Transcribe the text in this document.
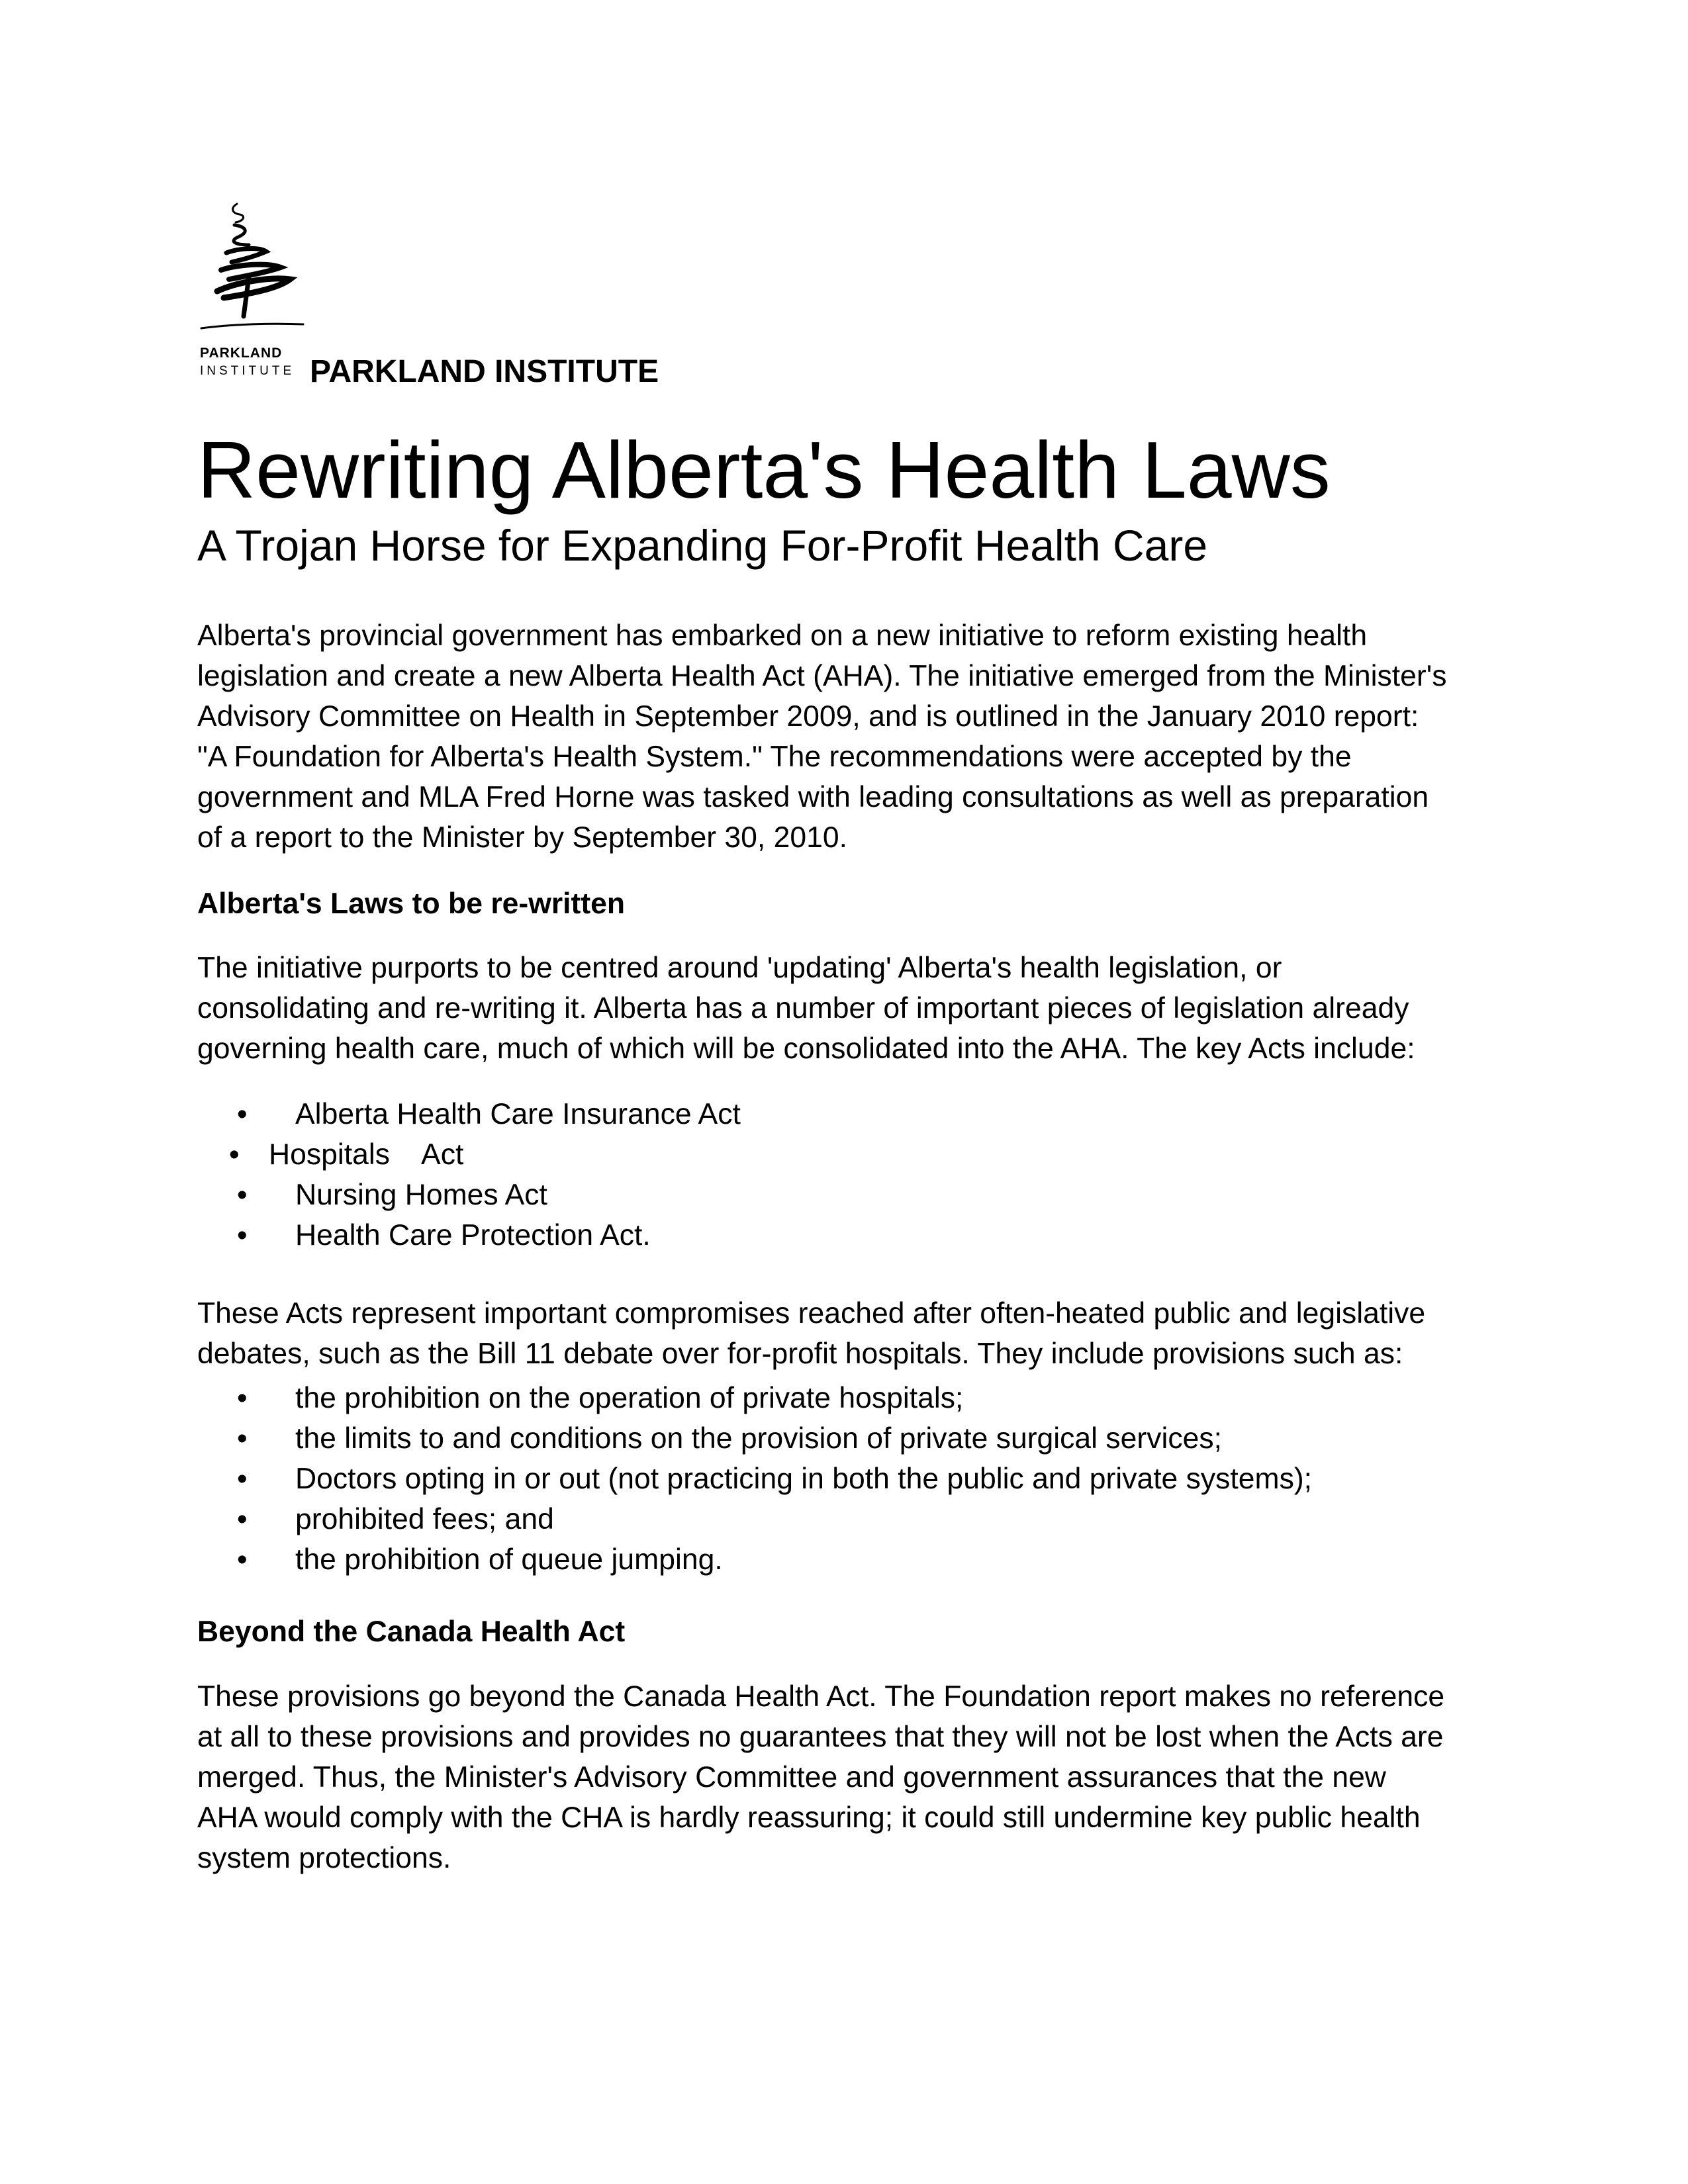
PARKLAND
INSTITUTE PARKLAND INSTITUTE
Rewriting Alberta's Health Laws
A Trojan Horse for Expanding For-Profit Health Care
Alberta's provincial government has embarked on a new initiative to reform existing health
legislation and create a new Alberta Health Act (AHA). The initiative emerged from the Minister's
Advisory Committee on Health in September 2009, and is outlined in the January 2010 report:
"A Foundation for Alberta's Health System." The recommendations were accepted by the
government and MLA Fred Horne was tasked with leading consultations as well as preparation
of a report to the Minister by September 30, 2010.
Alberta's Laws to be re-written
The initiative purports to be centred around 'updating' Alberta's health legislation, or
consolidating and re-writing it. Alberta has a number of important pieces of legislation already
governing health care, much of which will be consolidated into the AHA. The key Acts include:
• Alberta Health Care Insurance Act
• Hospitals    Act
• Nursing Homes Act
• Health Care Protection Act.
These Acts represent important compromises reached after often-heated public and legislative
debates, such as the Bill 11 debate over for-profit hospitals. They include provisions such as:
• the prohibition on the operation of private hospitals;
• the limits to and conditions on the provision of private surgical services;
• Doctors opting in or out (not practicing in both the public and private systems);
• prohibited fees; and
• the prohibition of queue jumping.
Beyond the Canada Health Act
These provisions go beyond the Canada Health Act. The Foundation report makes no reference
at all to these provisions and provides no guarantees that they will not be lost when the Acts are
merged. Thus, the Minister's Advisory Committee and government assurances that the new
AHA would comply with the CHA is hardly reassuring; it could still undermine key public health
system protections.
